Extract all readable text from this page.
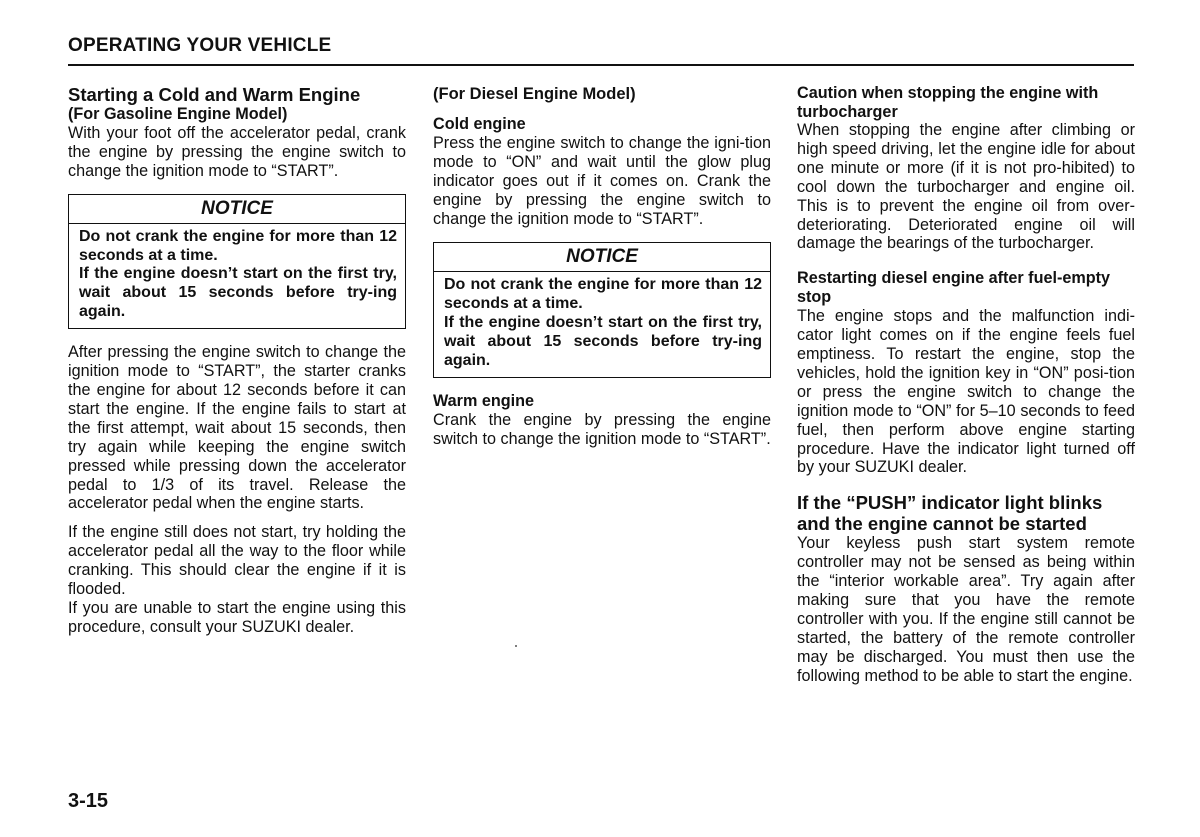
OPERATING YOUR VEHICLE
Starting a Cold and Warm Engine
(For Gasoline Engine Model)

With your foot off the accelerator pedal, crank the engine by pressing the engine switch to change the ignition mode to “START”.

NOTICE
Do not crank the engine for more than 12 seconds at a time.
If the engine doesn’t start on the first try, wait about 15 seconds before try-ing again.

After pressing the engine switch to change the ignition mode to “START”, the starter cranks the engine for about 12 seconds before it can start the engine. If the engine fails to start at the first attempt, wait about 15 seconds, then try again while keeping the engine switch pressed while pressing down the accelerator pedal to 1/3 of its travel. Release the accelerator pedal when the engine starts.

If the engine still does not start, try holding the accelerator pedal all the way to the floor while cranking. This should clear the engine if it is flooded.

If you are unable to start the engine using this procedure, consult your SUZUKI dealer.

(For Diesel Engine Model)
Cold engine

Press the engine switch to change the igni-tion mode to “ON” and wait until the glow plug indicator goes out if it comes on. Crank the engine by pressing the engine switch to change the ignition mode to “START”.

NOTICE
Do not crank the engine for more than 12 seconds at a time.
If the engine doesn’t start on the first try, wait about 15 seconds before try-ing again.
Warm engine

Crank the engine by pressing the engine switch to change the ignition mode to “START”.

Caution when stopping the engine with turbocharger

When stopping the engine after climbing or high speed driving, let the engine idle for about one minute or more (if it is not pro-hibited) to cool down the turbocharger and engine oil. This is to prevent the engine oil from over-deteriorating. Deteriorated engine oil will damage the bearings of the turbocharger.

Restarting diesel engine after fuel-empty stop

The engine stops and the malfunction indi-cator light comes on if the engine feels fuel emptiness. To restart the engine, stop the vehicles, hold the ignition key in “ON” posi-tion or press the engine switch to change the ignition mode to “ON” for 5–10 seconds to feed fuel, then perform above engine starting procedure. Have the indicator light turned off by your SUZUKI dealer.

If the “PUSH” indicator light blinks and the engine cannot be started

Your keyless push start system remote controller may not be sensed as being within the “interior workable area”. Try again after making sure that you have the remote controller with you. If the engine still cannot be started, the battery of the remote controller may be discharged. You must then use the following method to be able to start the engine.

3-15
